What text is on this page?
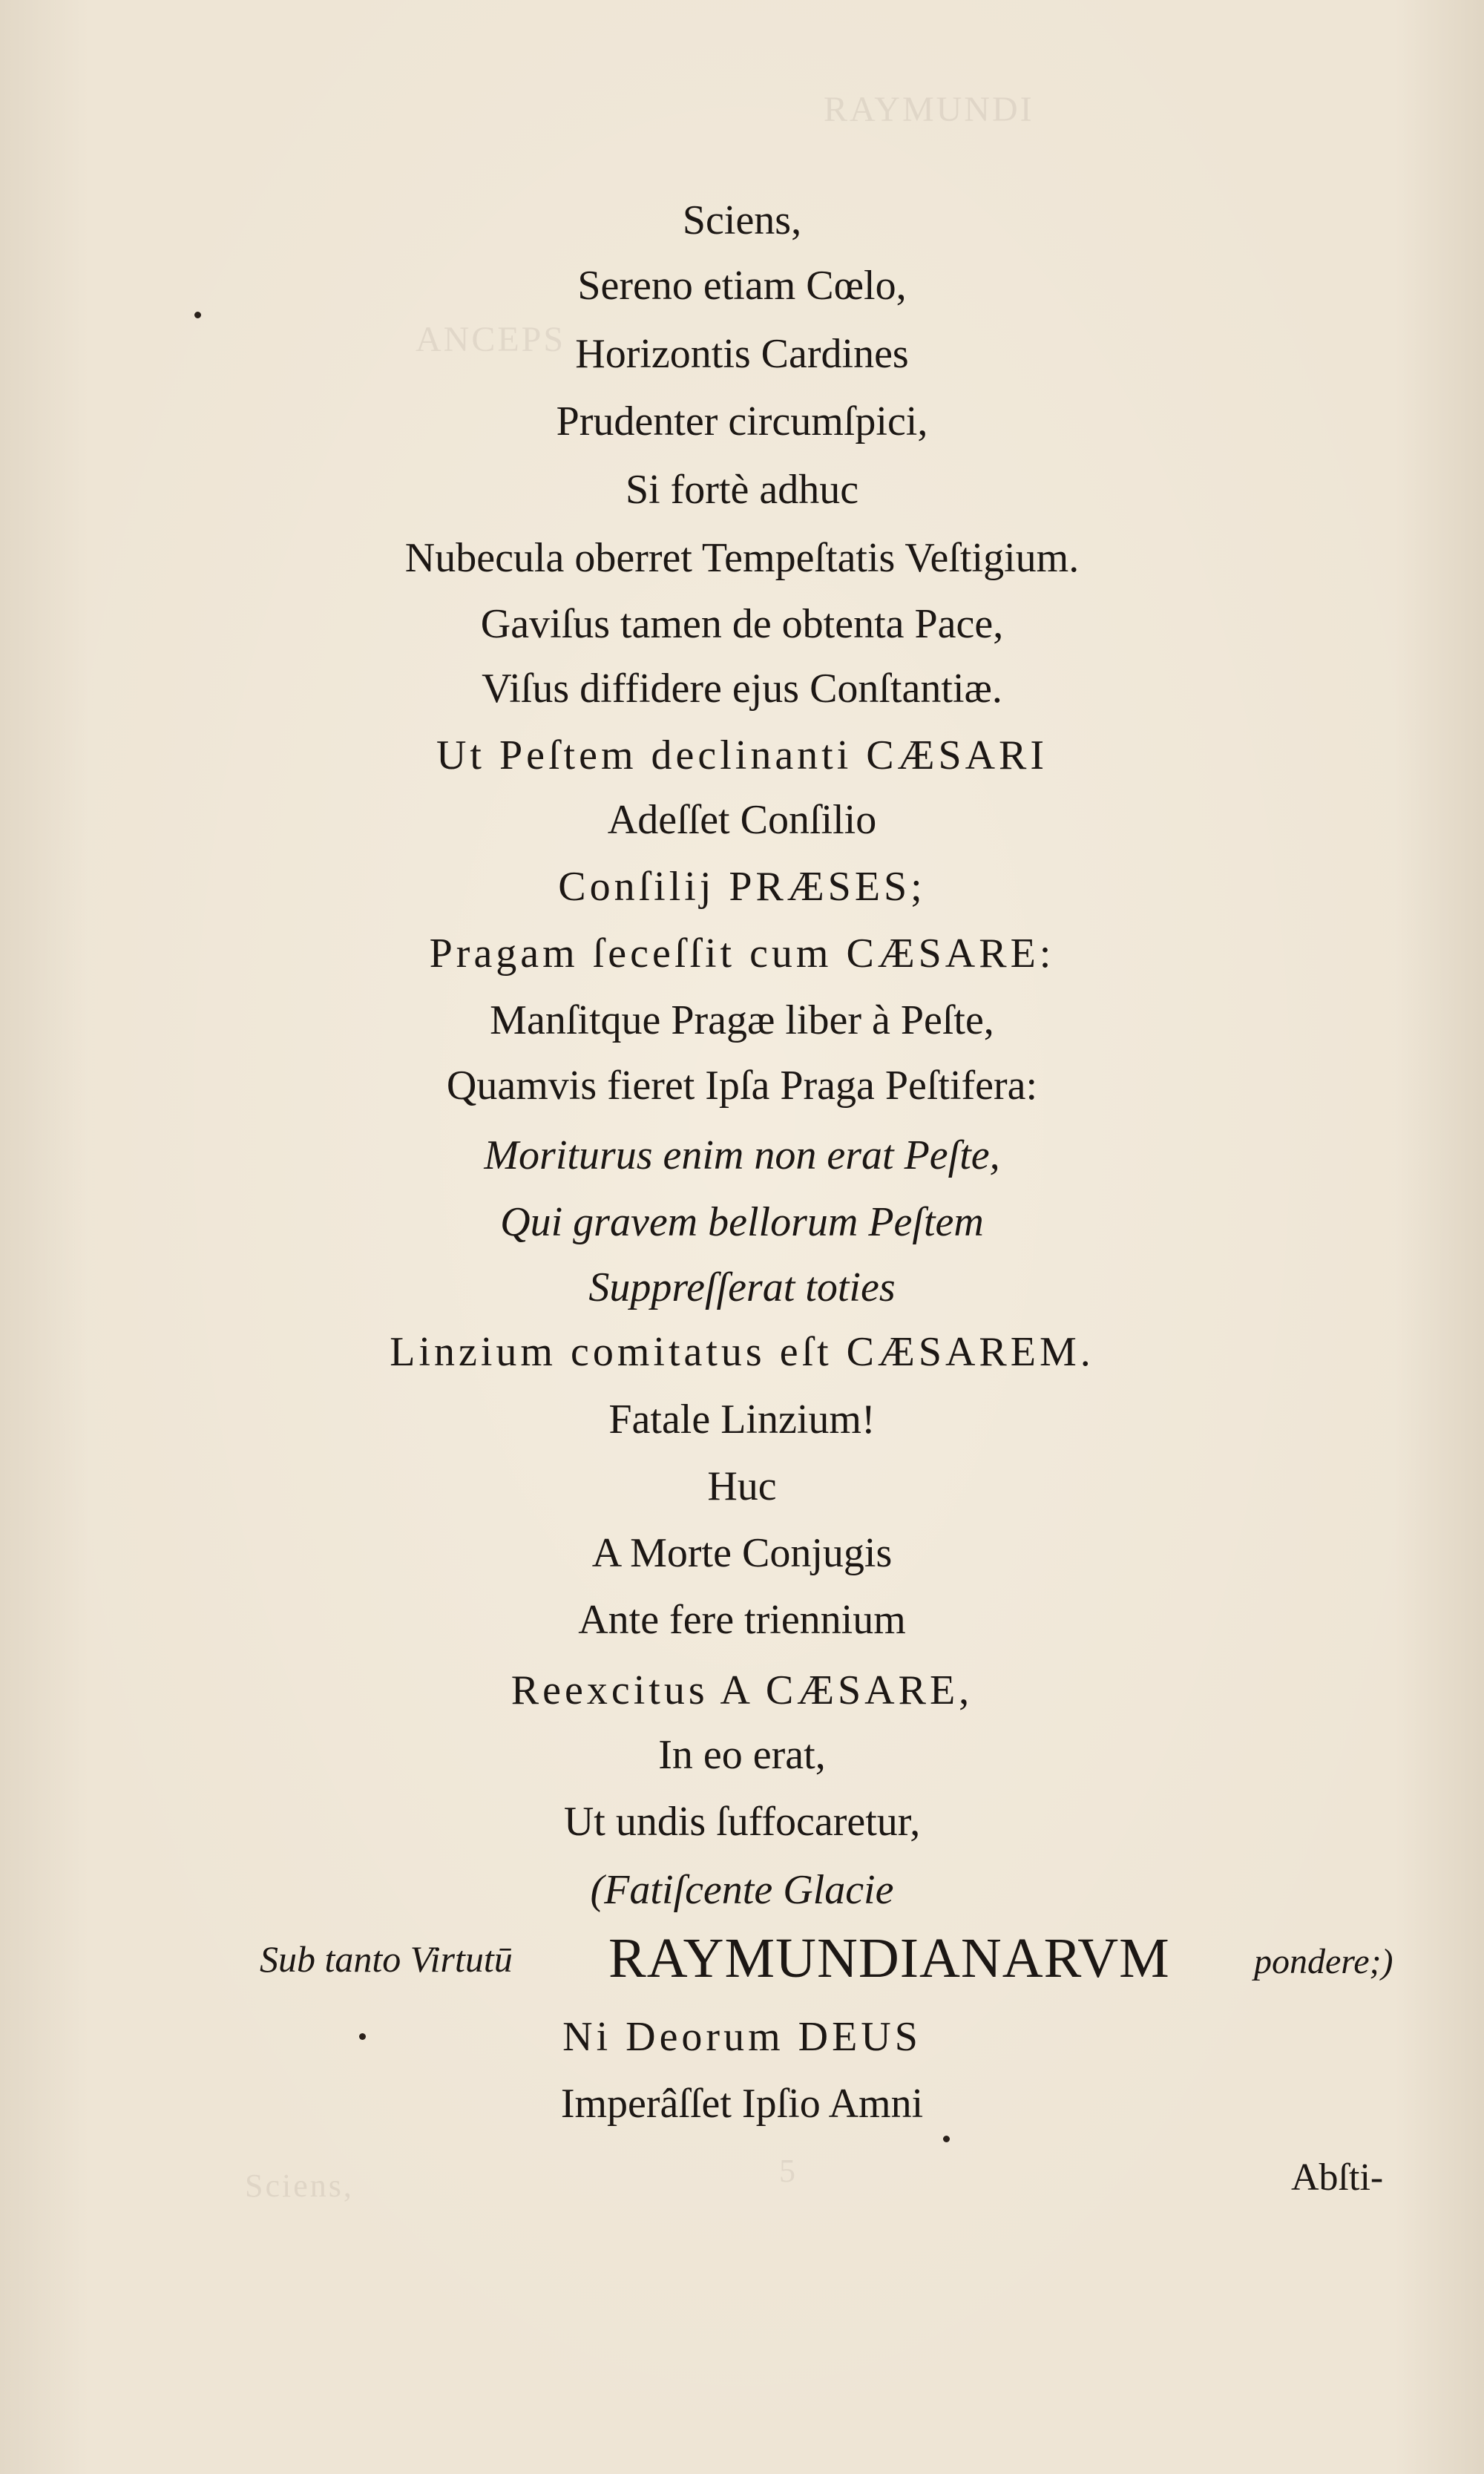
RAYMUNDI
ANCEPS
Sciens,	5
Sciens,
Sereno etiam Cœlo,
Horizontis Cardines
Prudenter circumſpici,
Si fortè adhuc
Nubecula oberret Tempeſtatis Veſtigium.
Gaviſus tamen de obtenta Pace,
Viſus diffidere ejus Conſtantiæ.
Ut Peſtem declinanti CÆSARI
Adeſſet Conſilio
Conſilij PRÆSES;
Pragam ſeceſſit cum CÆSARE:
Manſitque Pragæ liber à Peſte,
Quamvis fieret Ipſa Praga Peſtifera:
Moriturus enim non erat Peſte,
Qui gravem bellorum Peſtem
Suppreſſerat toties
Linzium comitatus eſt CÆSAREM.
Fatale Linzium!
Huc
A Morte Conjugis
Ante fere triennium
Reexcitus A CÆSARE,
In eo erat,
Ut undis ſuffocaretur,
(Fatiſcente Glacie
Sub tanto Virtutū RAYMUNDIANARVM pondere;)
Ni Deorum DEUS
Imperâſſet Ipſio Amni
Abſti-
